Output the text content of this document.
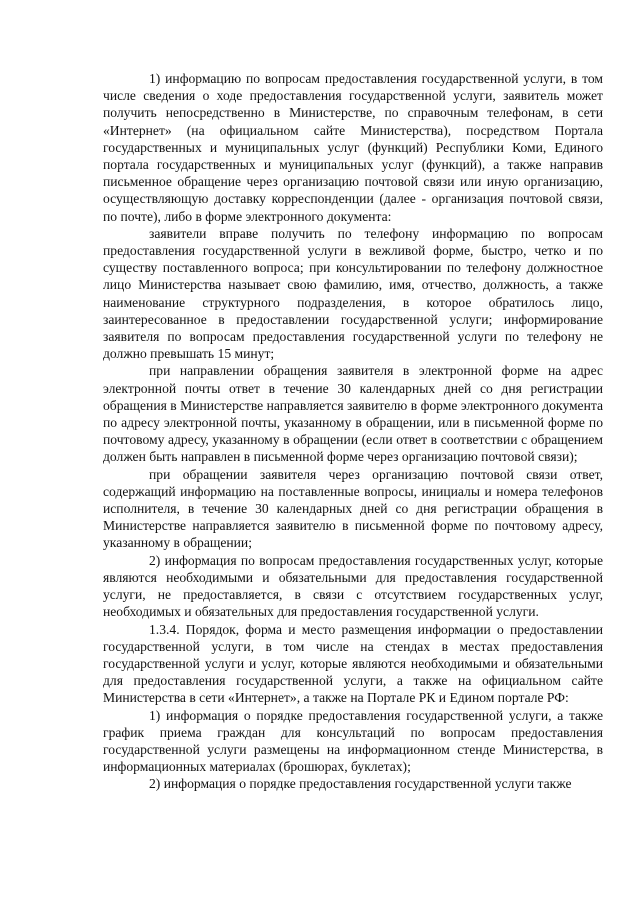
1) информацию по вопросам предоставления государственной услуги, в том числе сведения о ходе предоставления государственной услуги, заявитель может получить непосредственно в Министерстве, по справочным телефонам, в сети «Интернет» (на официальном сайте Министерства), посредством Портала государственных и муниципальных услуг (функций) Республики Коми, Единого портала государственных и муниципальных услуг (функций), а также направив письменное обращение через организацию почтовой связи или иную организацию, осуществляющую доставку корреспонденции (далее - организация почтовой связи, по почте), либо в форме электронного документа:

заявители вправе получить по телефону информацию по вопросам предоставления государственной услуги в вежливой форме, быстро, четко и по существу поставленного вопроса; при консультировании по телефону должностное лицо Министерства называет свою фамилию, имя, отчество, должность, а также наименование структурного подразделения, в которое обратилось лицо, заинтересованное в предоставлении государственной услуги; информирование заявителя по вопросам предоставления государственной услуги по телефону не должно превышать 15 минут;

при направлении обращения заявителя в электронной форме на адрес электронной почты ответ в течение 30 календарных дней со дня регистрации обращения в Министерстве направляется заявителю в форме электронного документа по адресу электронной почты, указанному в обращении, или в письменной форме по почтовому адресу, указанному в обращении (если ответ в соответствии с обращением должен быть направлен в письменной форме через организацию почтовой связи);

при обращении заявителя через организацию почтовой связи ответ, содержащий информацию на поставленные вопросы, инициалы и номера телефонов исполнителя, в течение 30 календарных дней со дня регистрации обращения в Министерстве направляется заявителю в письменной форме по почтовому адресу, указанному в обращении;

2) информация по вопросам предоставления государственных услуг, которые являются необходимыми и обязательными для предоставления государственной услуги, не предоставляется, в связи с отсутствием государственных услуг, необходимых и обязательных для предоставления государственной услуги.

1.3.4. Порядок, форма и место размещения информации о предоставлении государственной услуги, в том числе на стендах в местах предоставления государственной услуги и услуг, которые являются необходимыми и обязательными для предоставления государственной услуги, а также на официальном сайте Министерства в сети «Интернет», а также на Портале РК и Едином портале РФ:

1) информация о порядке предоставления государственной услуги, а также график приема граждан для консультаций по вопросам предоставления государственной услуги размещены на информационном стенде Министерства, в информационных материалах (брошюрах, буклетах);

2) информация о порядке предоставления государственной услуги также
